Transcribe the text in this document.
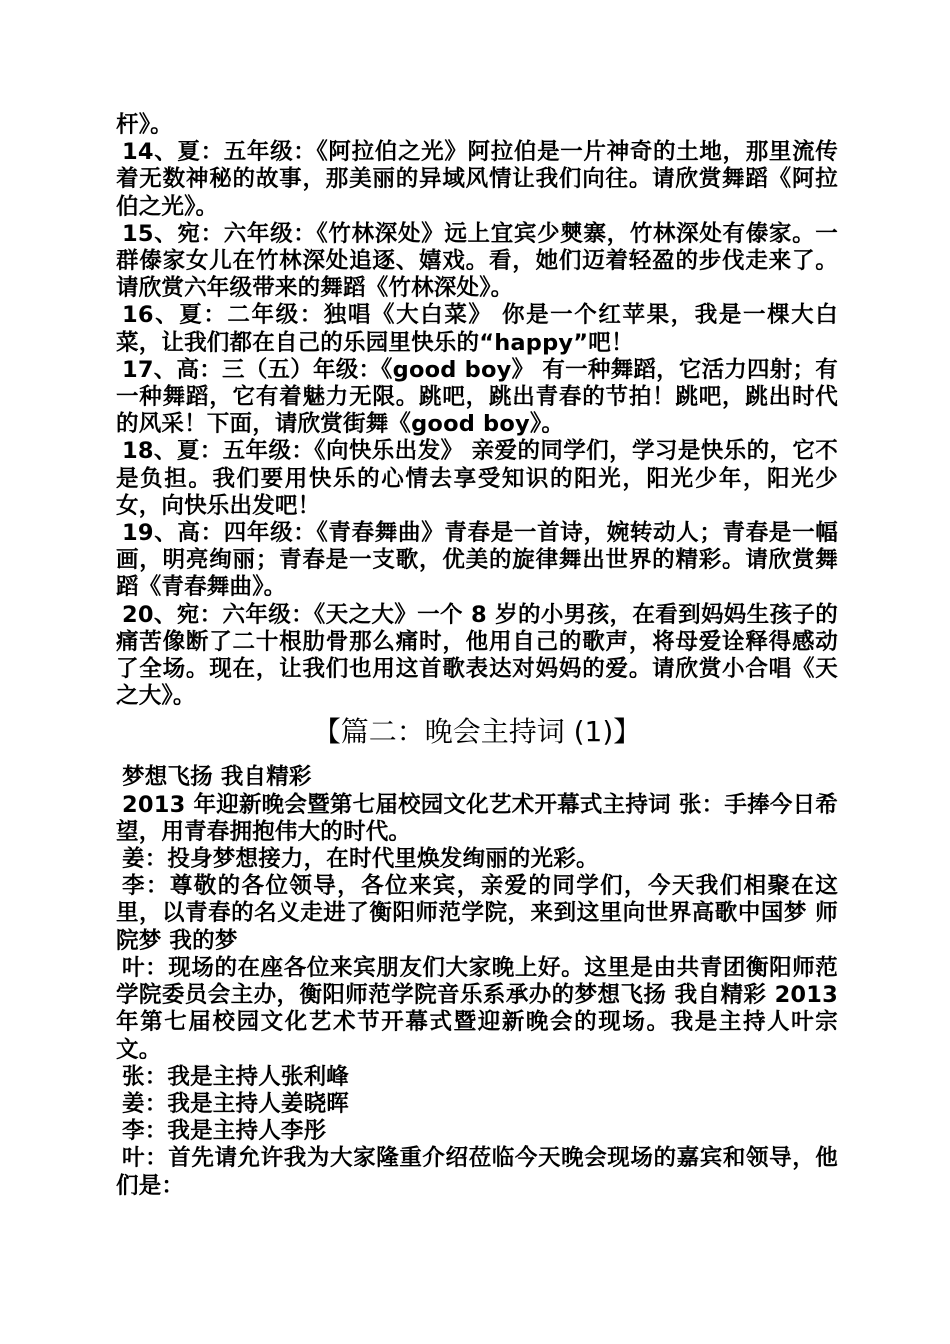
杆》。

14、夏：五年级：《阿拉伯之光》阿拉伯是一片神奇的土地，那里流传着无数神秘的故事，那美丽的异域风情让我们向往。请欣赏舞蹈《阿拉伯之光》。

15、宛：六年级：《竹林深处》远上宜宾少僰寨，竹林深处有傣家。一群傣家女儿在竹林深处追逐、嬉戏。看，她们迈着轻盈的步伐走来了。请欣赏六年级带来的舞蹈《竹林深处》。

16、夏：二年级：独唱《大白菜》 你是一个红苹果，我是一棵大白菜，让我们都在自己的乐园里快乐的“happy”吧！

17、高：三（五）年级：《good boy》 有一种舞蹈，它活力四射；有一种舞蹈，它有着魅力无限。跳吧，跳出青春的节拍！跳吧，跳出时代的风采！下面，请欣赏街舞《good boy》。

18、夏：五年级：《向快乐出发》 亲爱的同学们，学习是快乐的，它不是负担。我们要用快乐的心情去享受知识的阳光，阳光少年，阳光少女，向快乐出发吧！

19、高：四年级：《青春舞曲》青春是一首诗，婉转动人；青春是一幅画，明亮绚丽；青春是一支歌，优美的旋律舞出世界的精彩。请欣赏舞蹈《青春舞曲》。

20、宛：六年级：《天之大》一个 8 岁的小男孩，在看到妈妈生孩子的痛苦像断了二十根肋骨那么痛时，他用自己的歌声，将母爱诠释得感动了全场。现在，让我们也用这首歌表达对妈妈的爱。请欣赏小合唱《天之大》。

【篇二：晚会主持词 (1)】

梦想飞扬 我自精彩

2013 年迎新晚会暨第七届校园文化艺术开幕式主持词 张：手捧今日希望，用青春拥抱伟大的时代。

姜：投身梦想接力，在时代里焕发绚丽的光彩。

李：尊敬的各位领导，各位来宾，亲爱的同学们，今天我们相聚在这里，以青春的名义走进了衡阳师范学院，来到这里向世界高歌中国梦 师院梦 我的梦

叶：现场的在座各位来宾朋友们大家晚上好。这里是由共青团衡阳师范学院委员会主办，衡阳师范学院音乐系承办的梦想飞扬 我自精彩 2013 年第七届校园文化艺术节开幕式暨迎新晚会的现场。我是主持人叶宗文。

张：我是主持人张利峰

姜：我是主持人姜晓晖

李：我是主持人李彤

叶：首先请允许我为大家隆重介绍莅临今天晚会现场的嘉宾和领导，他们是：
